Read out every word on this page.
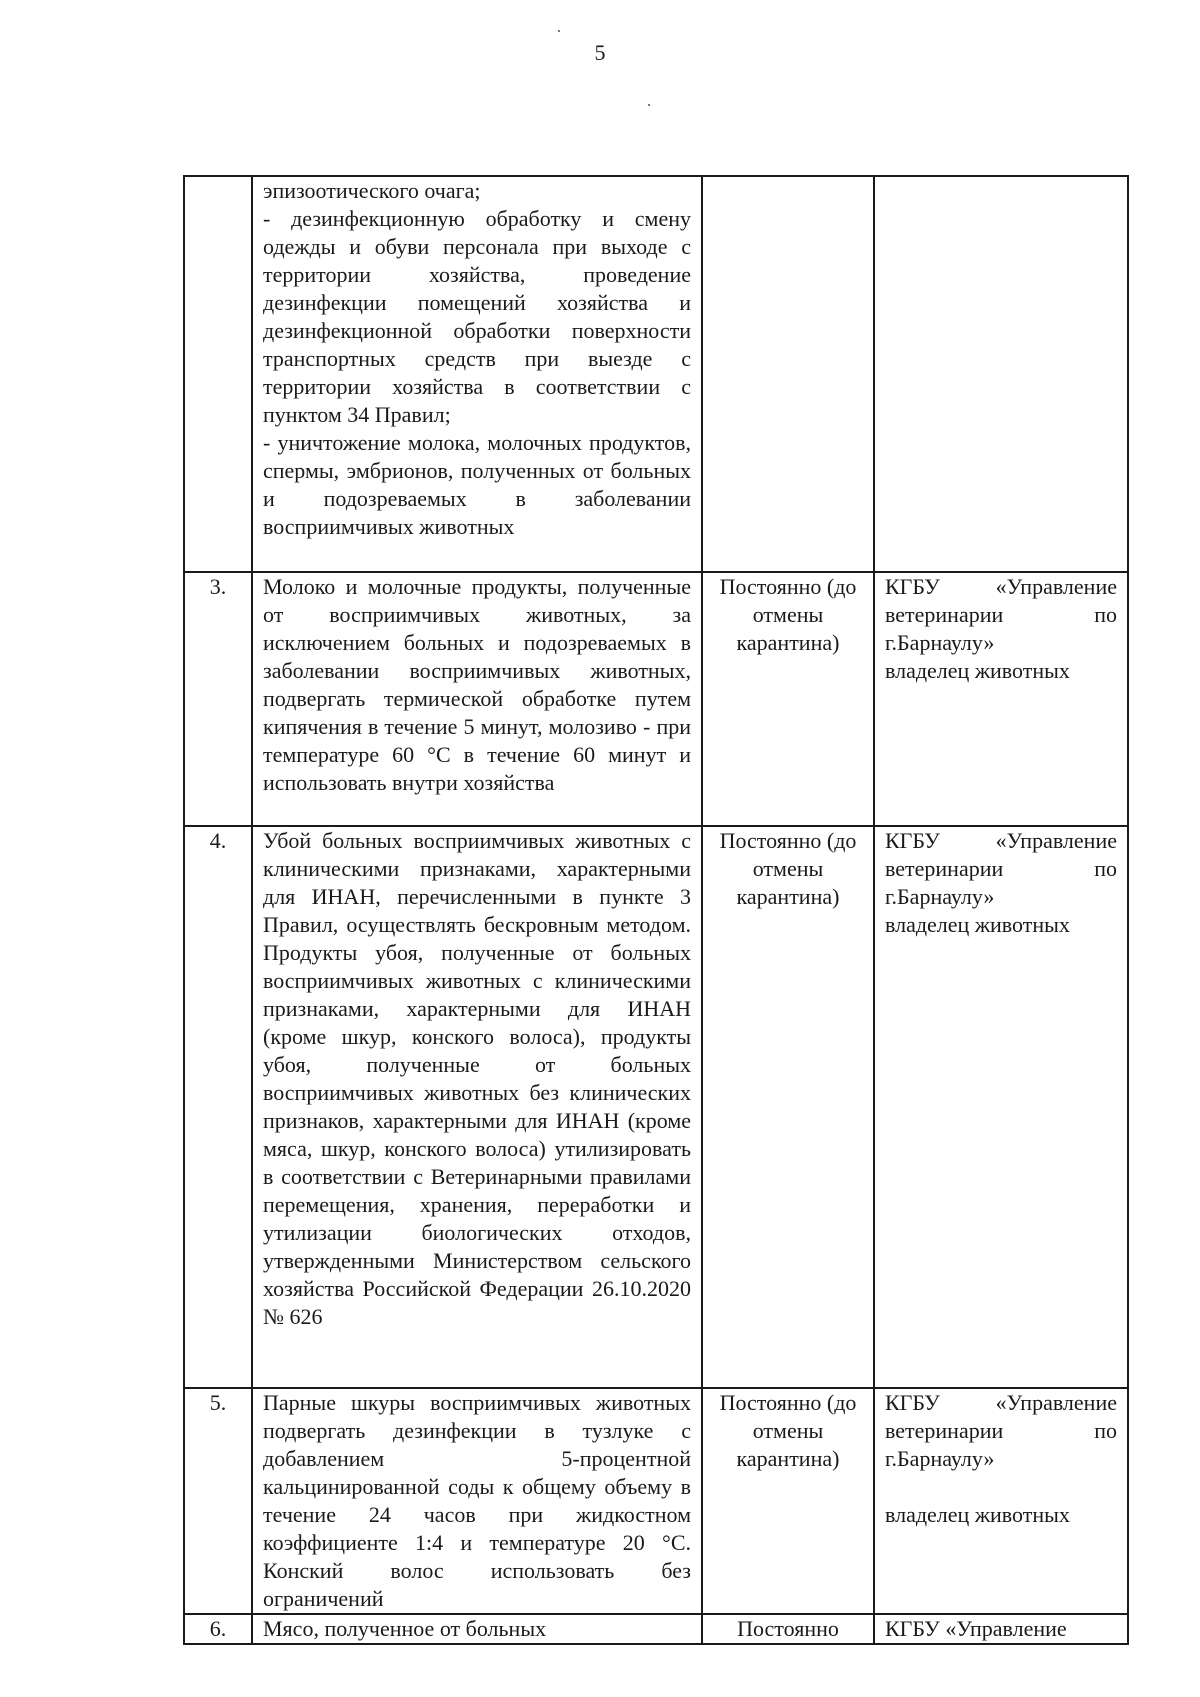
5

	эпизоотического очага;
- дезинфекционную обработку и смену одежды и обуви персонала при выходе с территории хозяйства, проведение дезинфекции помещений хозяйства и дезинфекционной обработки поверхности транспортных средств при выезде с территории хозяйства в соответствии с пунктом 34 Правил;
- уничтожение молока, молочных продуктов, спермы, эмбрионов, полученных от больных и подозреваемых в заболевании восприимчивых животных		

3.	Молоко и молочные продукты, полученные от восприимчивых животных, за исключением больных и подозреваемых в заболевании восприимчивых животных, подвергать термической обработке путем кипячения в течение 5 минут, молозиво - при температуре 60 °С в течение 60 минут и использовать внутри хозяйства	Постоянно (до отмены карантина)	КГБУ «Управление ветеринарии по г.Барнаулу»
владелец животных

4.	Убой больных восприимчивых животных с клиническими признаками, характерными для ИНАН, перечисленными в пункте 3 Правил, осуществлять бескровным методом. Продукты убоя, полученные от больных восприимчивых животных с клиническими признаками, характерными для ИНАН (кроме шкур, конского волоса), продукты убоя, полученные от больных восприимчивых животных без клинических признаков, характерными для ИНАН (кроме мяса, шкур, конского волоса) утилизировать в соответствии с Ветеринарными правилами перемещения, хранения, переработки и утилизации биологических отходов, утвержденными Министерством сельского хозяйства Российской Федерации 26.10.2020 № 626	Постоянно (до отмены карантина)	КГБУ «Управление ветеринарии по г.Барнаулу»
владелец животных

5.	Парные шкуры восприимчивых животных подвергать дезинфекции в тузлуке с добавлением 5-процентной кальцинированной соды к общему объему в течение 24 часов при жидкостном коэффициенте 1:4 и температуре 20 °С. Конский волос использовать без ограничений	Постоянно (до отмены карантина)	КГБУ «Управление ветеринарии по г.Барнаулу»
владелец животных

6.	Мясо, полученное от больных	Постоянно	КГБУ «Управление
